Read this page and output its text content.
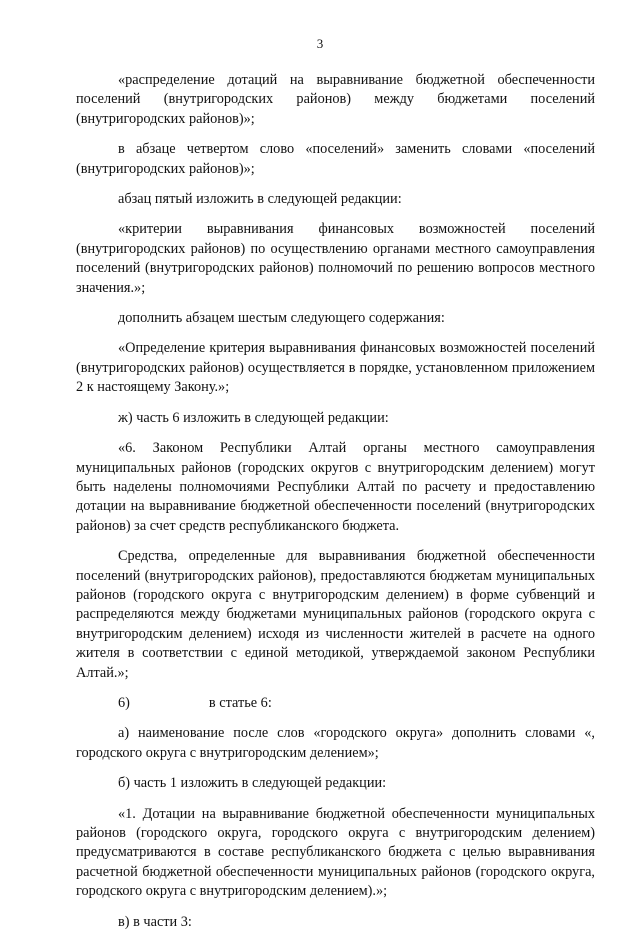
3

«распределение дотаций на выравнивание бюджетной обеспеченности поселений (внутригородских районов) между бюджетами поселений (внутригородских районов)»;

в абзаце четвертом слово «поселений» заменить словами «поселений (внутригородских районов)»;

абзац пятый изложить в следующей редакции:

«критерии выравнивания финансовых возможностей поселений (внутригородских районов) по осуществлению органами местного самоуправления поселений (внутригородских районов) полномочий по решению вопросов местного значения.»;

дополнить абзацем шестым следующего содержания:

«Определение критерия выравнивания финансовых возможностей поселений (внутригородских районов) осуществляется в порядке, установленном приложением 2 к настоящему Закону.»;

ж) часть 6 изложить в следующей редакции:

«6. Законом Республики Алтай органы местного самоуправления муниципальных районов (городских округов с внутригородским делением) могут быть наделены полномочиями Республики Алтай по расчету и предоставлению дотации на выравнивание бюджетной обеспеченности поселений (внутригородских районов) за счет средств республиканского бюджета.

Средства, определенные для выравнивания бюджетной обеспеченности поселений (внутригородских районов), предоставляются бюджетам муниципальных районов (городского округа с внутригородским делением) в форме субвенций и распределяются между бюджетами муниципальных районов (городского округа с внутригородским делением) исходя из численности жителей в расчете на одного жителя в соответствии с единой методикой, утверждаемой законом Республики Алтай.»;

6)	в статье 6:

а) наименование после слов «городского округа» дополнить словами «, городского округа с внутригородским делением»;

б) часть 1 изложить в следующей редакции:

«1. Дотации на выравнивание бюджетной обеспеченности муниципальных районов (городского округа, городского округа с внутригородским делением) предусматриваются в составе республиканского бюджета с целью выравнивания расчетной бюджетной обеспеченности муниципальных районов (городского округа, городского округа с внутригородским делением).»;

в) в части 3:
